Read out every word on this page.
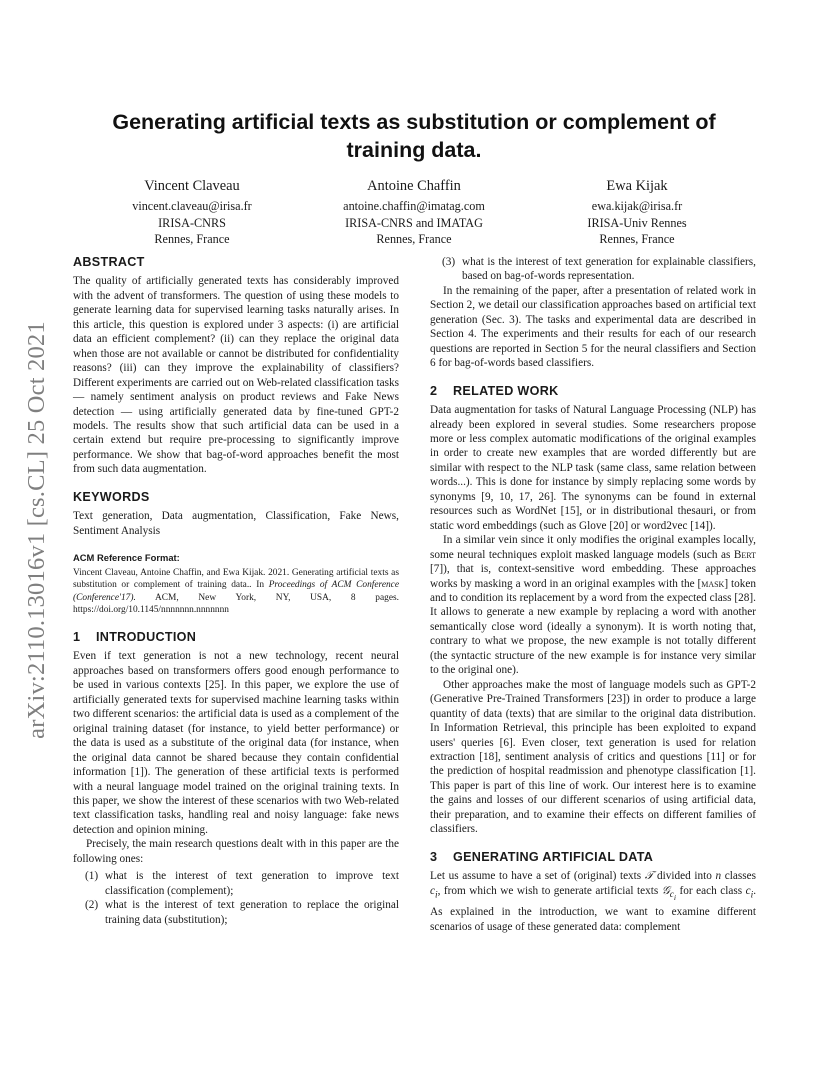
arXiv:2110.13016v1 [cs.CL] 25 Oct 2021
Generating artificial texts as substitution or complement of training data.
Vincent Claveau
vincent.claveau@irisa.fr
IRISA-CNRS
Rennes, France
Antoine Chaffin
antoine.chaffin@imatag.com
IRISA-CNRS and IMATAG
Rennes, France
Ewa Kijak
ewa.kijak@irisa.fr
IRISA-Univ Rennes
Rennes, France
ABSTRACT

The quality of artificially generated texts has considerably improved with the advent of transformers. The question of using these models to generate learning data for supervised learning tasks naturally arises. In this article, this question is explored under 3 aspects: (i) are artificial data an efficient complement? (ii) can they replace the original data when those are not available or cannot be distributed for confidentiality reasons? (iii) can they improve the explainability of classifiers? Different experiments are carried out on Web-related classification tasks — namely sentiment analysis on product reviews and Fake News detection — using artificially generated data by fine-tuned GPT-2 models. The results show that such artificial data can be used in a certain extend but require pre-processing to significantly improve performance. We show that bag-of-word approaches benefit the most from such data augmentation.

KEYWORDS

Text generation, Data augmentation, Classification, Fake News, Sentiment Analysis

ACM Reference Format:

Vincent Claveau, Antoine Chaffin, and Ewa Kijak. 2021. Generating artificial texts as substitution or complement of training data.. In Proceedings of ACM Conference (Conference'17). ACM, New York, NY, USA, 8 pages. https://doi.org/10.1145/nnnnnnn.nnnnnnn

1 INTRODUCTION

Even if text generation is not a new technology, recent neural approaches based on transformers offers good enough performance to be used in various contexts [25]. In this paper, we explore the use of artificially generated texts for supervised machine learning tasks within two different scenarios: the artificial data is used as a complement of the original training dataset (for instance, to yield better performance) or the data is used as a substitute of the original data (for instance, when the original data cannot be shared because they contain confidential information [1]). The generation of these artificial texts is performed with a neural language model trained on the original training texts. In this paper, we show the interest of these scenarios with two Web-related text classification tasks, handling real and noisy language: fake news detection and opinion mining.

Precisely, the main research questions dealt with in this paper are the following ones:

(1) what is the interest of text generation to improve text classification (complement);
(2) what is the interest of text generation to replace the original training data (substitution);
(3) what is the interest of text generation for explainable classifiers, based on bag-of-words representation.

In the remaining of the paper, after a presentation of related work in Section 2, we detail our classification approaches based on artificial text generation (Sec. 3). The tasks and experimental data are described in Section 4. The experiments and their results for each of our research questions are reported in Section 5 for the neural classifiers and Section 6 for bag-of-words based classifiers.

2 RELATED WORK

Data augmentation for tasks of Natural Language Processing (NLP) has already been explored in several studies. Some researchers propose more or less complex automatic modifications of the original examples in order to create new examples that are worded differently but are similar with respect to the NLP task (same class, same relation between words...). This is done for instance by simply replacing some words by synonyms [9, 10, 17, 26]. The synonyms can be found in external resources such as WordNet [15], or in distributional thesauri, or from static word embeddings (such as Glove [20] or word2vec [14]).

In a similar vein since it only modifies the original examples locally, some neural techniques exploit masked language models (such as Bert [7]), that is, context-sensitive word embedding. These approaches works by masking a word in an original examples with the [mask] token and to condition its replacement by a word from the expected class [28]. It allows to generate a new example by replacing a word with another semantically close word (ideally a synonym). It is worth noting that, contrary to what we propose, the new example is not totally different (the syntactic structure of the new example is for instance very similar to the original one).

Other approaches make the most of language models such as GPT-2 (Generative Pre-Trained Transformers [23]) in order to produce a large quantity of data (texts) that are similar to the original data distribution. In Information Retrieval, this principle has been exploited to expand users' queries [6]. Even closer, text generation is used for relation extraction [18], sentiment analysis of critics and questions [11] or for the prediction of hospital readmission and phenotype classification [1]. This paper is part of this line of work. Our interest here is to examine the gains and losses of our different scenarios of using artificial data, their preparation, and to examine their effects on different families of classifiers.

3 GENERATING ARTIFICIAL DATA

Let us assume to have a set of (original) texts 𝒯 divided into n classes $c_i$, from which we wish to generate artificial texts 𝒢$_{c_i}$ for each class $c_i$. As explained in the introduction, we want to examine different scenarios of usage of these generated data: complement
